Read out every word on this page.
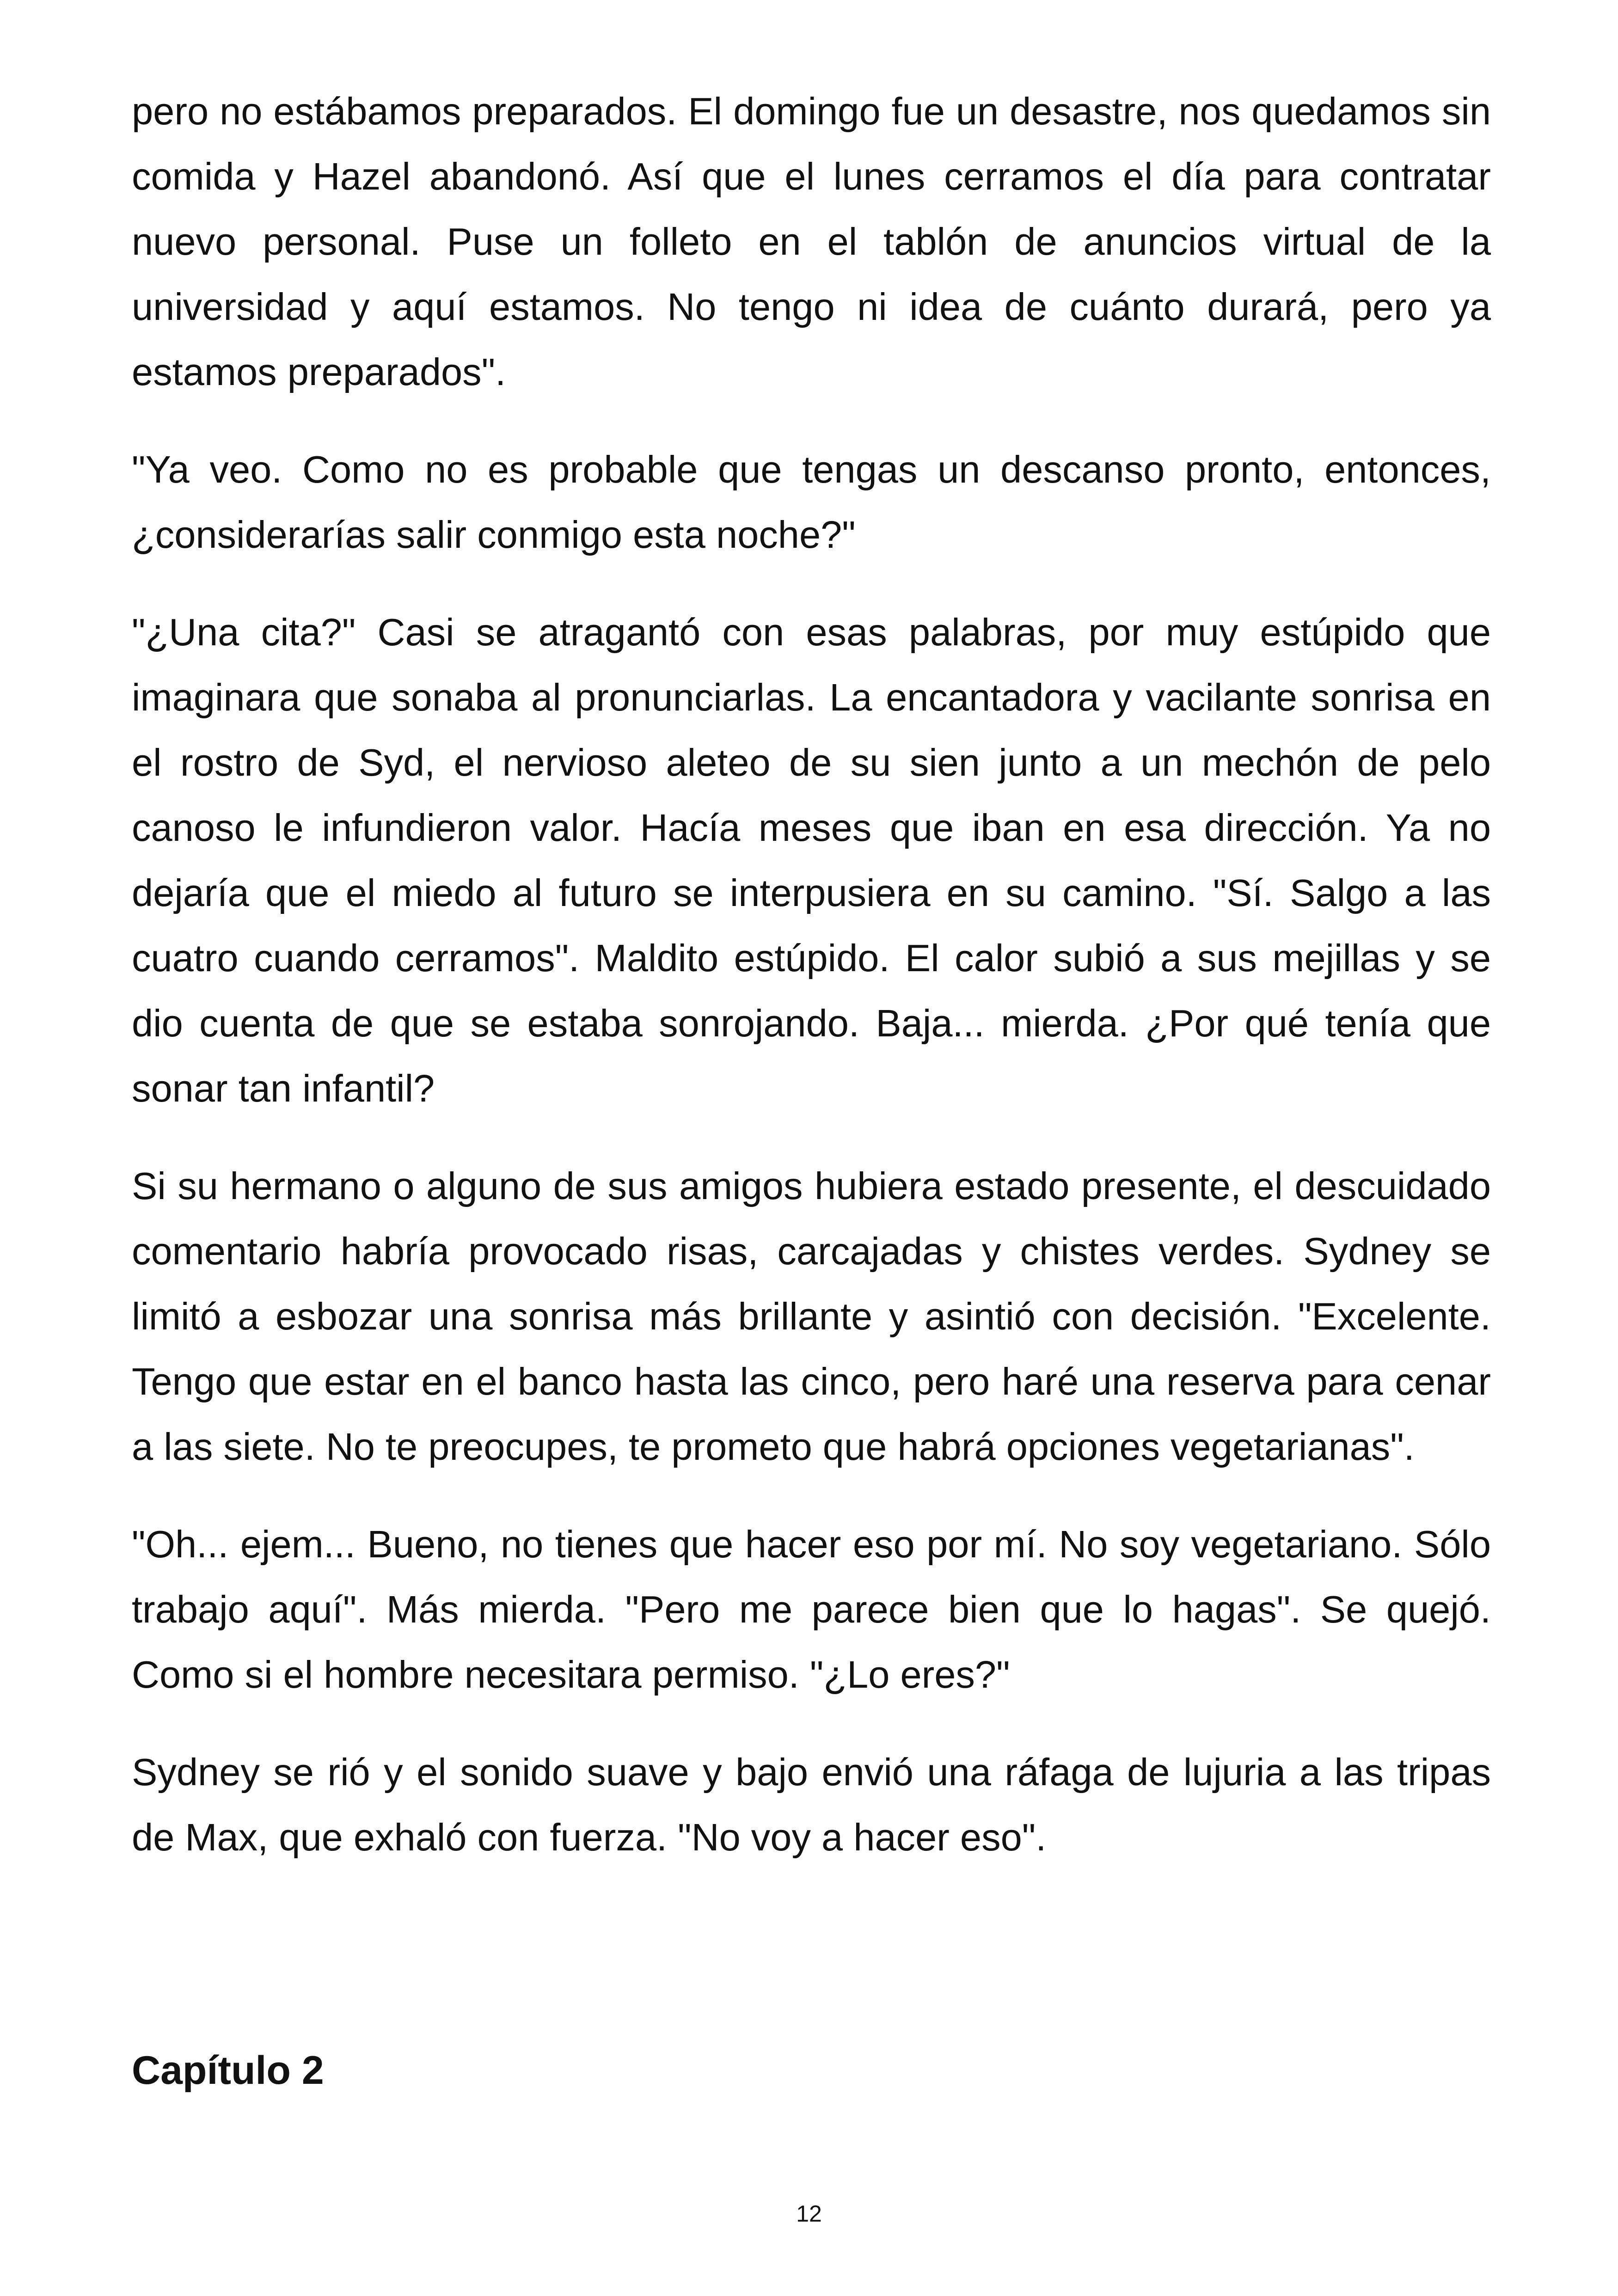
pero no estábamos preparados. El domingo fue un desastre, nos quedamos sin comida y Hazel abandonó. Así que el lunes cerramos el día para contratar nuevo personal. Puse un folleto en el tablón de anuncios virtual de la universidad y aquí estamos. No tengo ni idea de cuánto durará, pero ya estamos preparados".

"Ya veo. Como no es probable que tengas un descanso pronto, entonces, ¿considerarías salir conmigo esta noche?"

"¿Una cita?" Casi se atragantó con esas palabras, por muy estúpido que imaginara que sonaba al pronunciarlas. La encantadora y vacilante sonrisa en el rostro de Syd, el nervioso aleteo de su sien junto a un mechón de pelo canoso le infundieron valor. Hacía meses que iban en esa dirección. Ya no dejaría que el miedo al futuro se interpusiera en su camino. "Sí. Salgo a las cuatro cuando cerramos". Maldito estúpido. El calor subió a sus mejillas y se dio cuenta de que se estaba sonrojando. Baja... mierda. ¿Por qué tenía que sonar tan infantil?

Si su hermano o alguno de sus amigos hubiera estado presente, el descuidado comentario habría provocado risas, carcajadas y chistes verdes. Sydney se limitó a esbozar una sonrisa más brillante y asintió con decisión. "Excelente. Tengo que estar en el banco hasta las cinco, pero haré una reserva para cenar a las siete. No te preocupes, te prometo que habrá opciones vegetarianas".

"Oh... ejem... Bueno, no tienes que hacer eso por mí. No soy vegetariano. Sólo trabajo aquí". Más mierda. "Pero me parece bien que lo hagas". Se quejó. Como si el hombre necesitara permiso. "¿Lo eres?"

Sydney se rió y el sonido suave y bajo envió una ráfaga de lujuria a las tripas de Max, que exhaló con fuerza. "No voy a hacer eso".

Capítulo 2
12
